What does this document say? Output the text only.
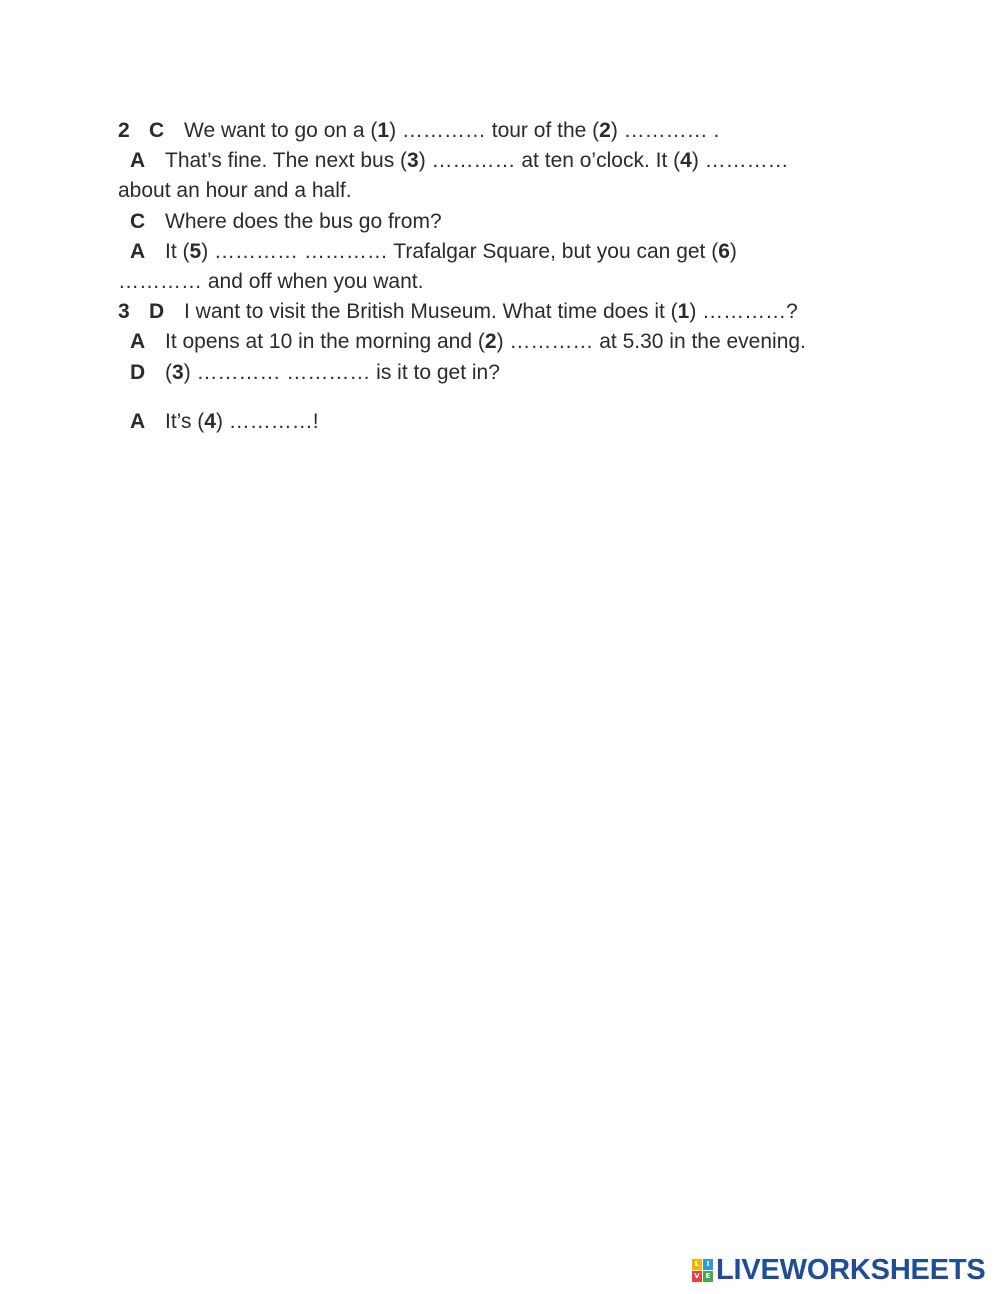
2 C We want to go on a (1) ………… tour of the (2) ………… .
A That’s fine. The next bus (3) ………… at ten o’clock. It (4) …………
about an hour and a half.
C Where does the bus go from?
A It (5) ………… ………… Trafalgar Square, but you can get (6)
………… and off when you want.
3 D I want to visit the British Museum. What time does it (1) …………?
A It opens at 10 in the morning and (2) ………… at 5.30 in the evening.
D (3) ………… ………… is it to get in?
A It’s (4) …………!
L	I
V E LIVEWORKSHEETS
